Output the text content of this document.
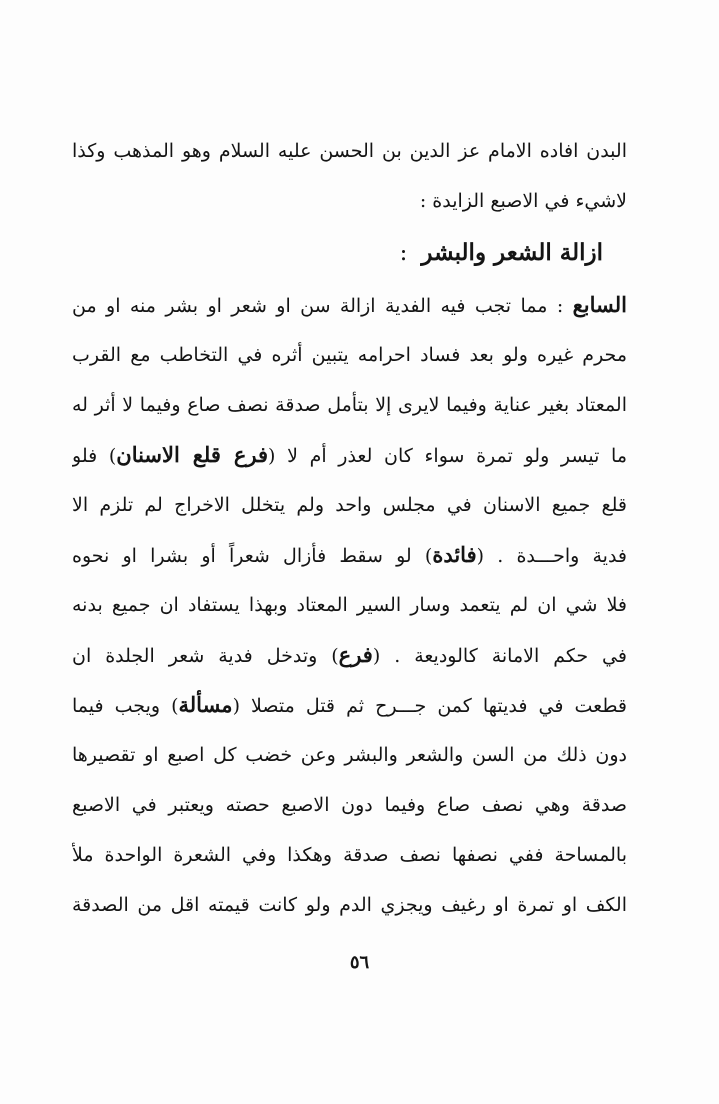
البدن افاده الامام عز الدين بن الحسن عليه السلام وهو المذهب وكذا
لاشيء في الاصبع الزايدة :
ازالة الشعر والبشر:
السابع : مما تجب فيه الفدية ازالة سن او شعر او بشر منه او من
محرم غيره ولو بعد فساد احرامه يتبين أثره في التخاطب مع القرب
المعتاد بغير عناية وفيما لايرى إلا بتأمل صدقة نصف صاع وفيما لا أثر له
ما تيسر ولو تمرة سواء كان لعذر أم لا (فرع قلع الاسنان) فلو
قلع جميع الاسنان في مجلس واحد ولم يتخلل الاخراج لم تلزم الا
فدية واحـــدة . (فائدة) لو سقط فأزال شعراً أو بشرا او نحوه
فلا شي ان لم يتعمد وسار السير المعتاد وبهذا يستفاد ان جميع بدنه
في حكم الامانة كالوديعة . (فرع) وتدخل فدية شعر الجلدة ان
قطعت في فديتها كمن جـــرح ثم قتل متصلا (مسألة) ويجب فيما
دون ذلك من السن والشعر والبشر وعن خضب كل اصبع او تقصيرها
صدقة وهي نصف صاع وفيما دون الاصبع حصته ويعتبر في الاصبع
بالمساحة ففي نصفها نصف صدقة وهكذا وفي الشعرة الواحدة ملأ
الكف او تمرة او رغيف ويجزي الدم ولو كانت قيمته اقل من الصدقة
٥٦
